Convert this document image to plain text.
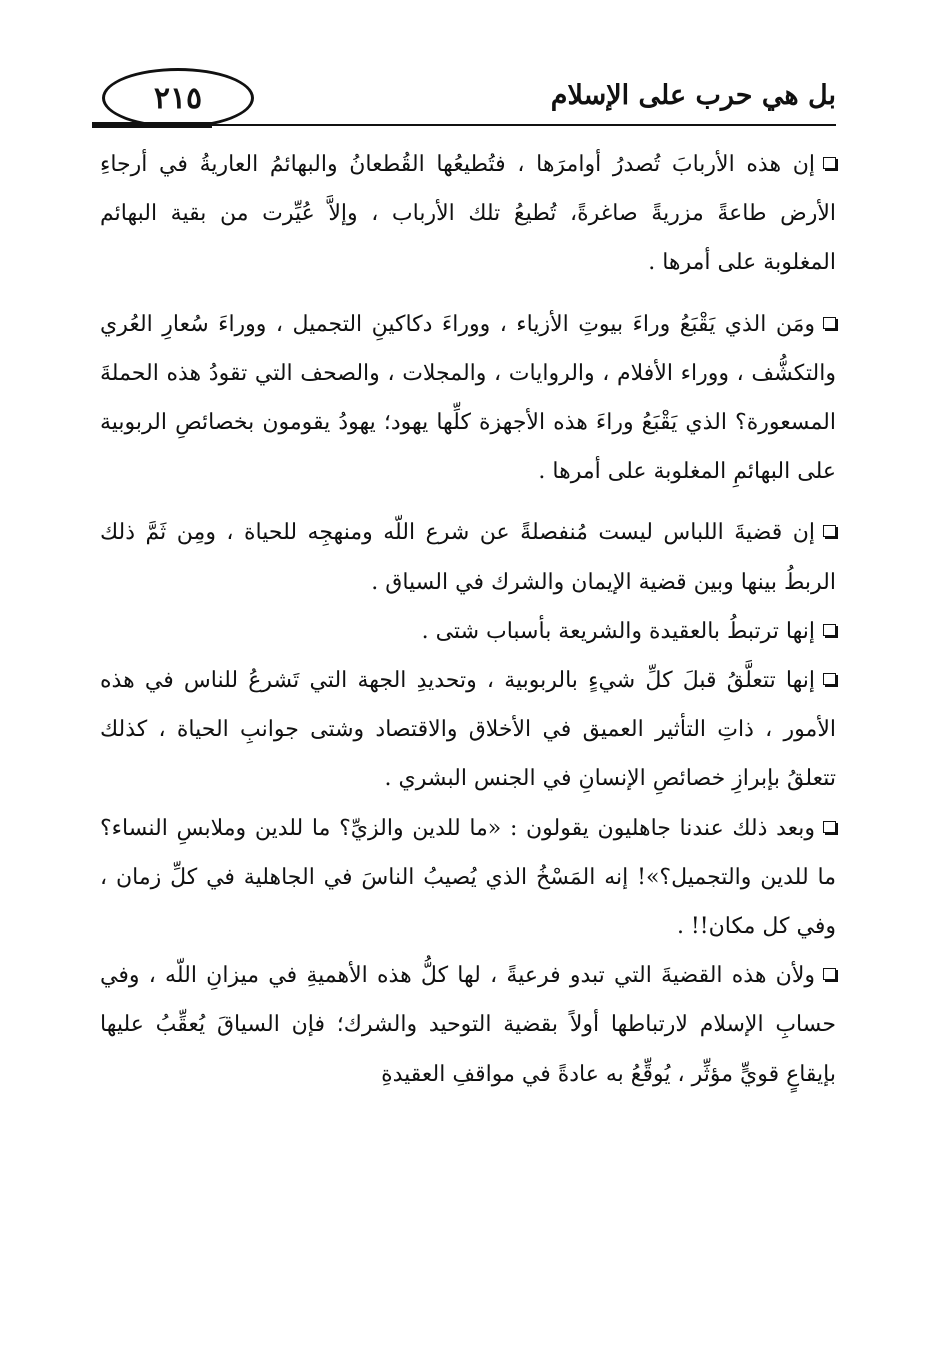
بل هي حرب على الإسلام
٢١٥

إن هذه الأربابَ تُصدرُ أوامرَها ، فتُطيعُها القُطعانُ والبهائمُ العاريةُ في أرجاءِ الأرض طاعةً مزريةً صاغرةً، تُطيعُ تلك الأرباب ، وإلاَّ عُيِّرت من بقية البهائم المغلوبة على أمرها .

ومَن الذي يَقْبَعُ وراءَ بيوتِ الأزياء ، ووراءَ دكاكينِ التجميل ، ووراءَ سُعارِ العُري والتكشُّف ، ووراء الأفلام ، والروايات ، والمجلات ، والصحف التي تقودُ هذه الحملةَ المسعورة؟ الذي يَقْبَعُ وراءَ هذه الأجهزة كلِّها يهود؛ يهودُ يقومون بخصائصِ الربوبية على البهائمِ المغلوبة على أمرها .

إن قضيةَ اللباس ليست مُنفصلةً عن شرع اللّه ومنهجِه للحياة ، ومِن ثَمَّ ذلك الربطُ بينها وبين قضية الإيمان والشرك في السياق .

إنها ترتبطُ بالعقيدة والشريعة بأسباب شتى .

إنها تتعلَّقُ قبلَ كلِّ شيءٍ بالربوبية ، وتحديدِ الجهة التي تَشرعُ للناس في هذه الأمور ، ذاتِ التأثير العميق في الأخلاق والاقتصاد وشتى جوانبِ الحياة ، كذلك تتعلقُ بإبرازِ خصائصِ الإنسانِ في الجنس البشري .

وبعد ذلك عندنا جاهليون يقولون : «ما للدين والزيِّ؟ ما للدين وملابسِ النساء؟ ما للدين والتجميل؟»! إنه المَسْخُ الذي يُصيبُ الناسَ في الجاهلية في كلِّ زمان ، وفي كل مكان!! .

ولأن هذه القضيةَ التي تبدو فرعيةً ، لها كلُّ هذه الأهميةِ في ميزانِ اللّه ، وفي حسابِ الإسلام لارتباطها أولاً بقضية التوحيد والشرك؛ فإن السياقَ يُعقِّبُ عليها بإيقاعٍ قويٍّ مؤثِّر ، يُوقِّعُ به عادةً في مواقفِ العقيدةِ
